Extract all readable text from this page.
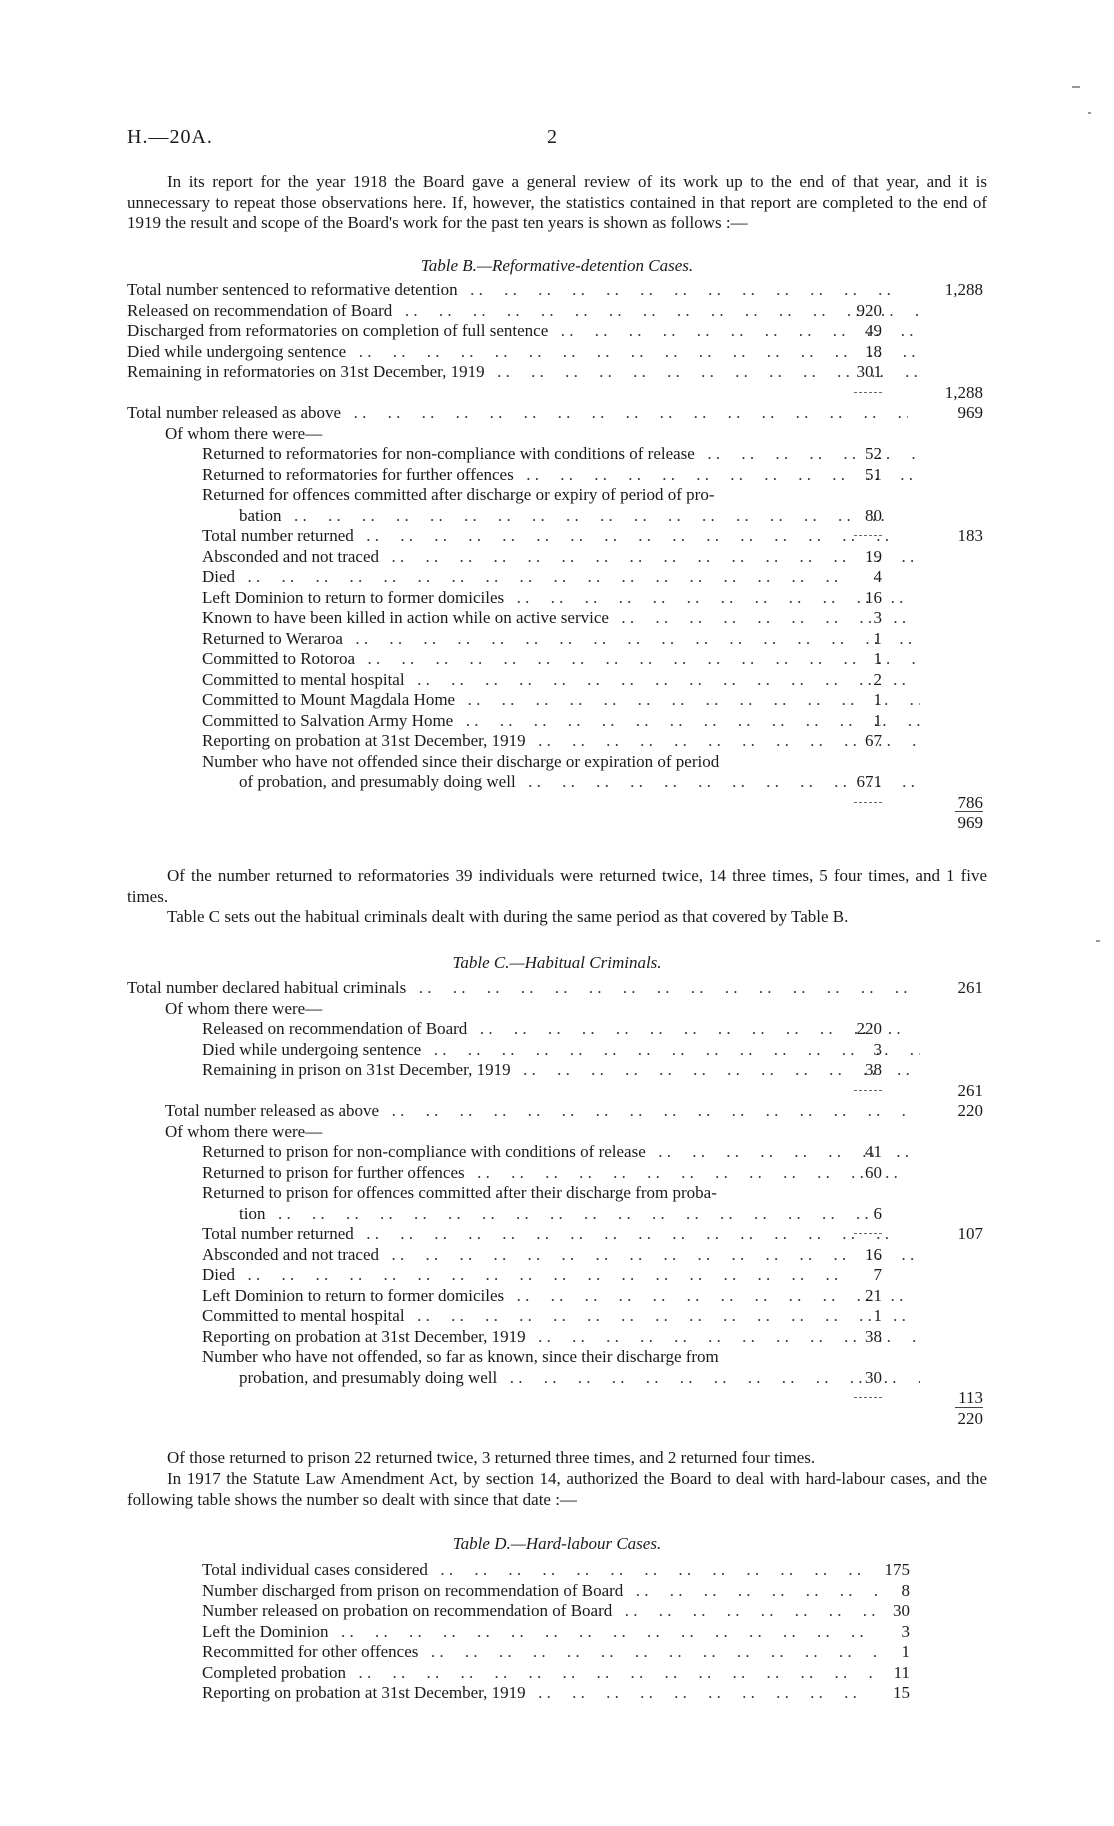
H.—20A.	2

In its report for the year 1918 the Board gave a general review of its work up to the end of that year, and it is unnecessary to repeat those observations here. If, however, the statistics contained in that report are completed to the end of 1919 the result and scope of the Board's work for the past ten years is shown as follows :—

Table B.—Reformative-detention Cases.
Total number sentenced to reformative detention . .	1,288
Released on recommendation of Board . .	920
Discharged from reformatories on completion of full sentence . .	49
Died while undergoing sentence . .	18
Remaining in reformatories on 31st December, 1919 . .	301
1,288
Total number released as above . .	969
Of whom there were—
Returned to reformatories for non-compliance with conditions of release . .	52
Returned to reformatories for further offences . .	51
Returned for offences committed after discharge or expiry of period of pro-
bation . .	80
Total number returned . .	183
Absconded and not traced . .	19
Died . .	4
Left Dominion to return to former domiciles . .	16
Known to have been killed in action while on active service . .	3
Returned to Weraroa . .	1
Committed to Rotoroa . .	1
Committed to mental hospital . .	2
Committed to Mount Magdala Home . .	1
Committed to Salvation Army Home . .	1
Reporting on probation at 31st December, 1919 . .	67
Number who have not offended since their discharge or expiration of period
of probation, and presumably doing well . .	671
786
969

Of the number returned to reformatories 39 individuals were returned twice, 14 three times, 5 four times, and 1 five times.

Table C sets out the habitual criminals dealt with during the same period as that covered by Table B.

Table C.—Habitual Criminals.
Total number declared habitual criminals . .	261
Of whom there were—
Released on recommendation of Board . .	220
Died while undergoing sentence . .	3
Remaining in prison on 31st December, 1919 . .	38
261
Total number released as above . .	220
Of whom there were—
Returned to prison for non-compliance with conditions of release . .	41
Returned to prison for further offences . .	60
Returned to prison for offences committed after their discharge from proba-
tion . .	6
Total number returned . .	107
Absconded and not traced . .	16
Died . .	7
Left Dominion to return to former domiciles . .	21
Committed to mental hospital . .	1
Reporting on probation at 31st December, 1919 . .	38
Number who have not offended, so far as known, since their discharge from
probation, and presumably doing well . .	30
113
220

Of those returned to prison 22 returned twice, 3 returned three times, and 2 returned four times.

In 1917 the Statute Law Amendment Act, by section 14, authorized the Board to deal with hard-labour cases, and the following table shows the number so dealt with since that date :—

Table D.—Hard-labour Cases.
Total individual cases considered . .	175
Number discharged from prison on recommendation of Board . .	8
Number released on probation on recommendation of Board . .	30
Left the Dominion . .	3
Recommitted for other offences . .	1
Completed probation . .	11
Reporting on probation at 31st December, 1919 . .	15
